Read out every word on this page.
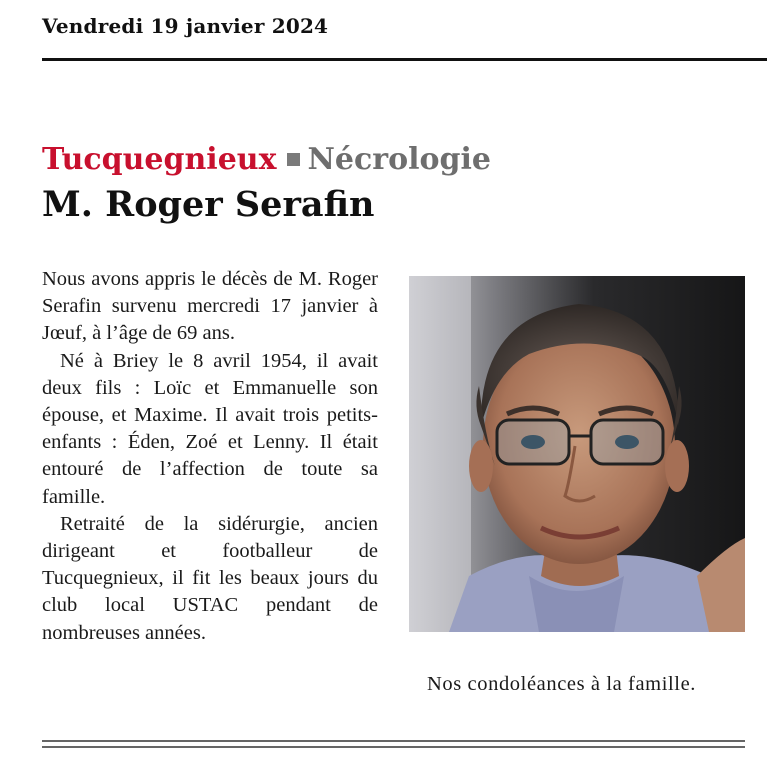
Vendredi 19 janvier 2024
Tucquegnieux Nécrologie
M. Roger Serafin

Nous avons appris le décès de M. Roger Serafin survenu mercredi 17 janvier à Jœuf, à l’âge de 69 ans.

Né à Briey le 8 avril 1954, il avait deux fils : Loïc et Emmanuelle son épouse, et Maxime. Il avait trois petits-enfants : Éden, Zoé et Lenny. Il était entouré de l’affection de toute sa famille.

Retraité de la sidérurgie, ancien dirigeant et footballeur de Tucquegnieux, il fit les beaux jours du club local USTAC pendant de nombreuses années.

Nos condoléances à la famille.
